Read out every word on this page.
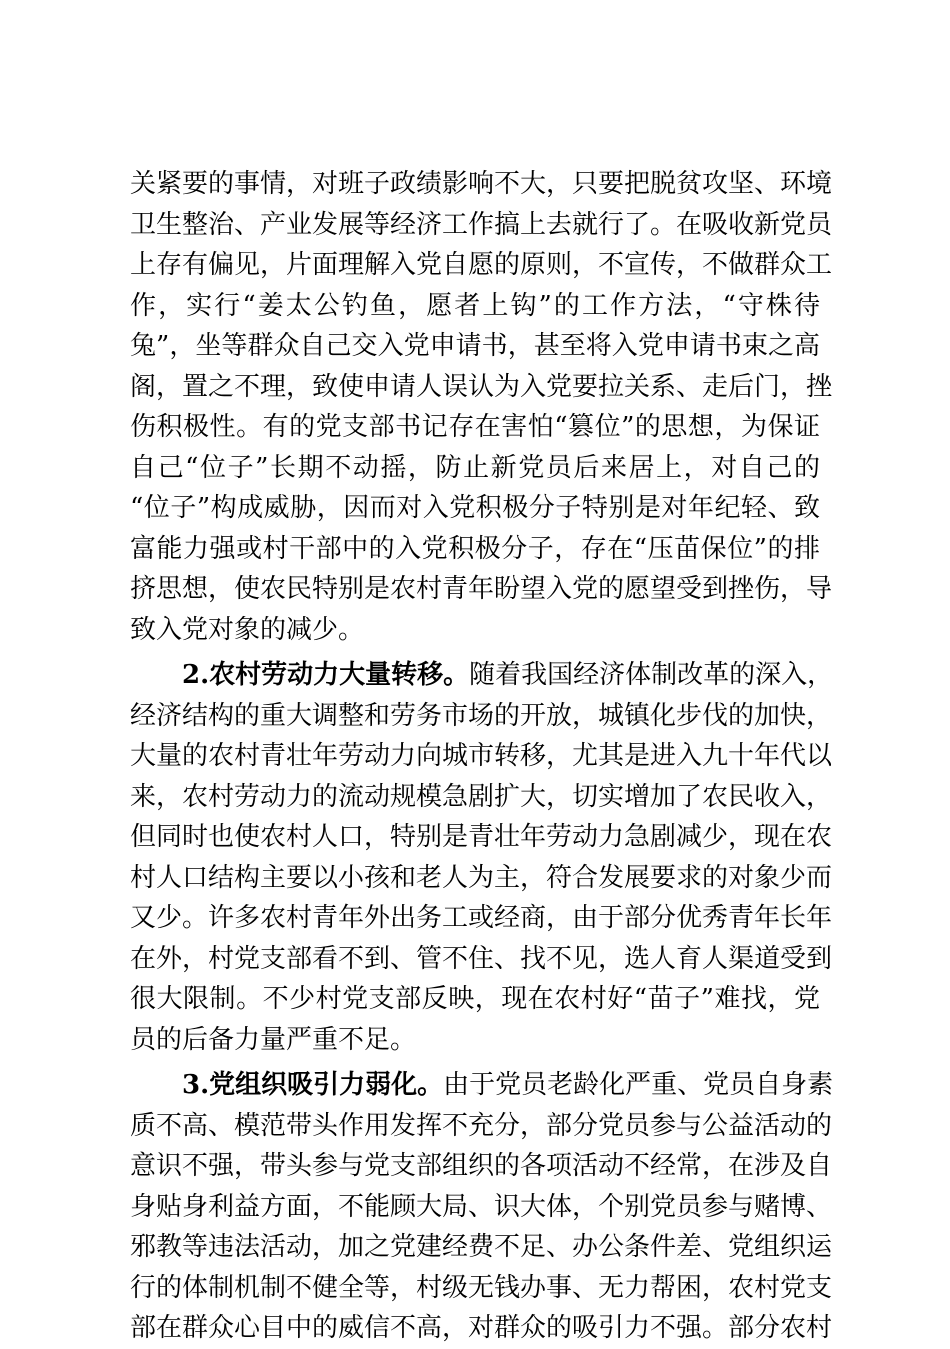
关紧要的事情，对班子政绩影响不大，只要把脱贫攻坚、环境
卫生整治、产业发展等经济工作搞上去就行了。在吸收新党员
上存有偏见，片面理解入党自愿的原则，不宣传，不做群众工
作，实行“姜太公钓鱼，愿者上钩”的工作方法，“守株待
兔”，坐等群众自己交入党申请书，甚至将入党申请书束之高
阁，置之不理，致使申请人误认为入党要拉关系、走后门，挫
伤积极性。有的党支部书记存在害怕“篡位”的思想，为保证
自己“位子”长期不动摇，防止新党员后来居上，对自己的
“位子”构成威胁，因而对入党积极分子特别是对年纪轻、致
富能力强或村干部中的入党积极分子，存在“压苗保位”的排
挤思想，使农民特别是农村青年盼望入党的愿望受到挫伤，导
致入党对象的减少。
2.农村劳动力大量转移。随着我国经济体制改革的深入，
经济结构的重大调整和劳务市场的开放，城镇化步伐的加快，
大量的农村青壮年劳动力向城市转移，尤其是进入九十年代以
来，农村劳动力的流动规模急剧扩大，切实增加了农民收入，
但同时也使农村人口，特别是青壮年劳动力急剧减少，现在农
村人口结构主要以小孩和老人为主，符合发展要求的对象少而
又少。许多农村青年外出务工或经商，由于部分优秀青年长年
在外，村党支部看不到、管不住、找不见，选人育人渠道受到
很大限制。不少村党支部反映，现在农村好“苗子”难找，党
员的后备力量严重不足。
3.党组织吸引力弱化。由于党员老龄化严重、党员自身素
质不高、模范带头作用发挥不充分，部分党员参与公益活动的
意识不强，带头参与党支部组织的各项活动不经常，在涉及自
身贴身利益方面，不能顾大局、识大体，个别党员参与赌博、
邪教等违法活动，加之党建经费不足、办公条件差、党组织运
行的体制机制不健全等，村级无钱办事、无力帮困，农村党支
部在群众心目中的威信不高，对群众的吸引力不强。部分农村
